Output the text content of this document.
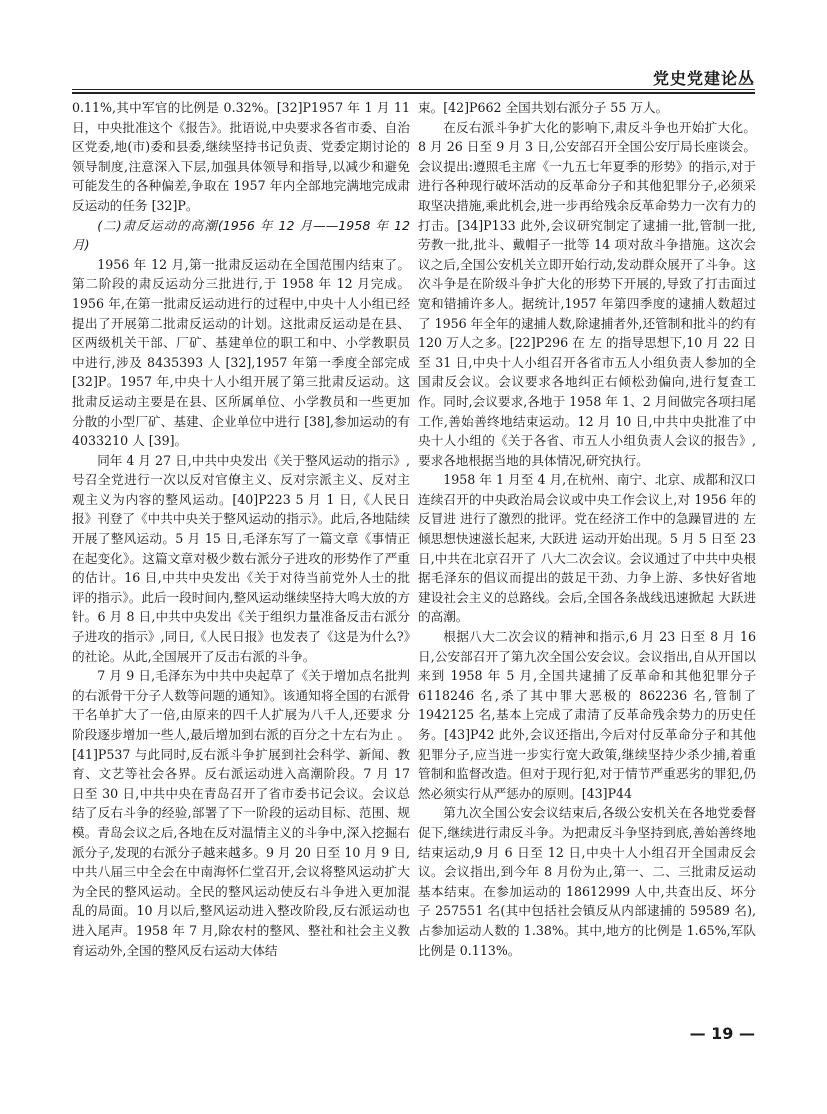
党史党建论丛

0.11%,其中军官的比例是 0.32%。[32]P1957 年 1 月 11 日，中央批准这个《报告》。批语说,中央要求各省市委、自治区党委,地(市)委和县委,继续坚持书记负责、党委定期讨论的领导制度,注意深入下层,加强具体领导和指导,以减少和避免可能发生的各种偏差,争取在 1957 年内全部地完满地完成肃反运动的任务 [32]P。

(二)肃反运动的高潮(1956 年 12 月——1958 年 12 月)

1956 年 12 月,第一批肃反运动在全国范围内结束了。第二阶段的肃反运动分三批进行,于 1958 年 12 月完成。1956 年,在第一批肃反运动进行的过程中,中央十人小组已经提出了开展第二批肃反运动的计划。这批肃反运动是在县、区两级机关干部、厂矿、基建单位的职工和中、小学教职员中进行,涉及 8435393 人 [32],1957 年第一季度全部完成 [32]P。1957 年,中央十人小组开展了第三批肃反运动。这批肃反运动主要是在县、区所属单位、小学教员和一些更加分散的小型厂矿、基建、企业单位中进行 [38],参加运动的有 4033210 人 [39]。

同年 4 月 27 日,中共中央发出《关于整风运动的指示》,号召全党进行一次以反对官僚主义、反对宗派主义、反对主观主义为内容的整风运动。[40]P223 5 月 1 日,《人民日报》刊登了《中共中央关于整风运动的指示》。此后,各地陆续开展了整风运动。5 月 15 日,毛泽东写了一篇文章《事情正在起变化》。这篇文章对极少数右派分子进攻的形势作了严重的估计。16 日,中共中央发出《关于对待当前党外人士的批评的指示》。此后一段时间内,整风运动继续坚持大鸣大放的方针。6 月 8 日,中共中央发出《关于组织力量准备反击右派分子进攻的指示》,同日,《人民日报》也发表了《这是为什么?》的社论。从此,全国展开了反击右派的斗争。

7 月 9 日,毛泽东为中共中央起草了《关于增加点名批判的右派骨干分子人数等问题的通知》。该通知将全国的右派骨干名单扩大了一倍,由原来的四千人扩展为八千人,还要求 分阶段逐步增加一些人,最后增加到右派的百分之十左右为止 。[41]P537 与此同时,反右派斗争扩展到社会科学、新闻、教育、文艺等社会各界。反右派运动进入高潮阶段。7 月 17 日至 30 日,中共中央在青岛召开了省市委书记会议。会议总结了反右斗争的经验,部署了下一阶段的运动目标、范围、规模。青岛会议之后,各地在反对温情主义的斗争中,深入挖掘右派分子,发现的右派分子越来越多。9 月 20 日至 10 月 9 日,中共八届三中全会在中南海怀仁堂召开,会议将整风运动扩大为全民的整风运动。全民的整风运动使反右斗争进入更加混乱的局面。10 月以后,整风运动进入整改阶段,反右派运动也进入尾声。1958 年 7 月,除农村的整风、整社和社会主义教育运动外,全国的整风反右运动大体结

束。[42]P662 全国共划右派分子 55 万人。

在反右派斗争扩大化的影响下,肃反斗争也开始扩大化。8 月 26 日至 9 月 3 日,公安部召开全国公安厅局长座谈会。会议提出:遵照毛主席《一九五七年夏季的形势》的指示,对于进行各种现行破坏活动的反革命分子和其他犯罪分子,必须采取坚决措施,乘此机会,进一步再给残余反革命势力一次有力的打击。[34]P133 此外,会议研究制定了逮捕一批,管制一批,劳教一批,批斗、戴帽子一批等 14 项对敌斗争措施。这次会议之后,全国公安机关立即开始行动,发动群众展开了斗争。这次斗争是在阶级斗争扩大化的形势下开展的,导致了打击面过宽和错捕许多人。据统计,1957 年第四季度的逮捕人数超过了 1956 年全年的逮捕人数,除逮捕者外,还管制和批斗的约有 120 万人之多。[22]P296 在 左 的指导思想下,10 月 22 日至 31 日,中央十人小组召开各省市五人小组负责人参加的全国肃反会议。会议要求各地纠正右倾松劲偏向,进行复查工作。同时,会议要求,各地于 1958 年 1、2 月间做完各项扫尾工作,善始善终地结束运动。12 月 10 日,中共中央批准了中央十人小组的《关于各省、市五人小组负责人会议的报告》,要求各地根据当地的具体情况,研究执行。

1958 年 1 月至 4 月,在杭州、南宁、北京、成都和汉口连续召开的中央政治局会议或中央工作会议上,对 1956 年的 反冒进 进行了激烈的批评。党在经济工作中的急躁冒进的 左 倾思想快速滋长起来, 大跃进 运动开始出现。5 月 5 日至 23 日,中共在北京召开了 八大二次会议。会议通过了中共中央根据毛泽东的倡议而提出的鼓足干劲、力争上游、多快好省地建设社会主义的总路线。会后,全国各条战线迅速掀起 大跃进 的高潮。

根据八大二次会议的精神和指示,6 月 23 日至 8 月 16 日,公安部召开了第九次全国公安会议。会议指出,自从开国以来到 1958 年 5 月,全国共逮捕了反革命和其他犯罪分子 6118246 名,杀了其中罪大恶极的 862236 名,管制了 1942125 名,基本上完成了肃清了反革命残余势力的历史任务。[43]P42 此外,会议还指出,今后对付反革命分子和其他犯罪分子,应当进一步实行宽大政策,继续坚持少杀少捕,着重管制和监督改造。但对于现行犯,对于情节严重恶劣的罪犯,仍然必须实行从严惩办的原则。[43]P44

第九次全国公安会议结束后,各级公安机关在各地党委督促下,继续进行肃反斗争。为把肃反斗争坚持到底,善始善终地结束运动,9 月 6 日至 12 日,中央十人小组召开全国肃反会议。会议指出,到今年 8 月份为止,第一、二、三批肃反运动基本结束。在参加运动的 18612999 人中,共查出反、坏分子 257551 名(其中包括社会镇反从内部逮捕的 59589 名),占参加运动人数的 1.38%。其中,地方的比例是 1.65%,军队比例是 0.113%。

— 19 —
